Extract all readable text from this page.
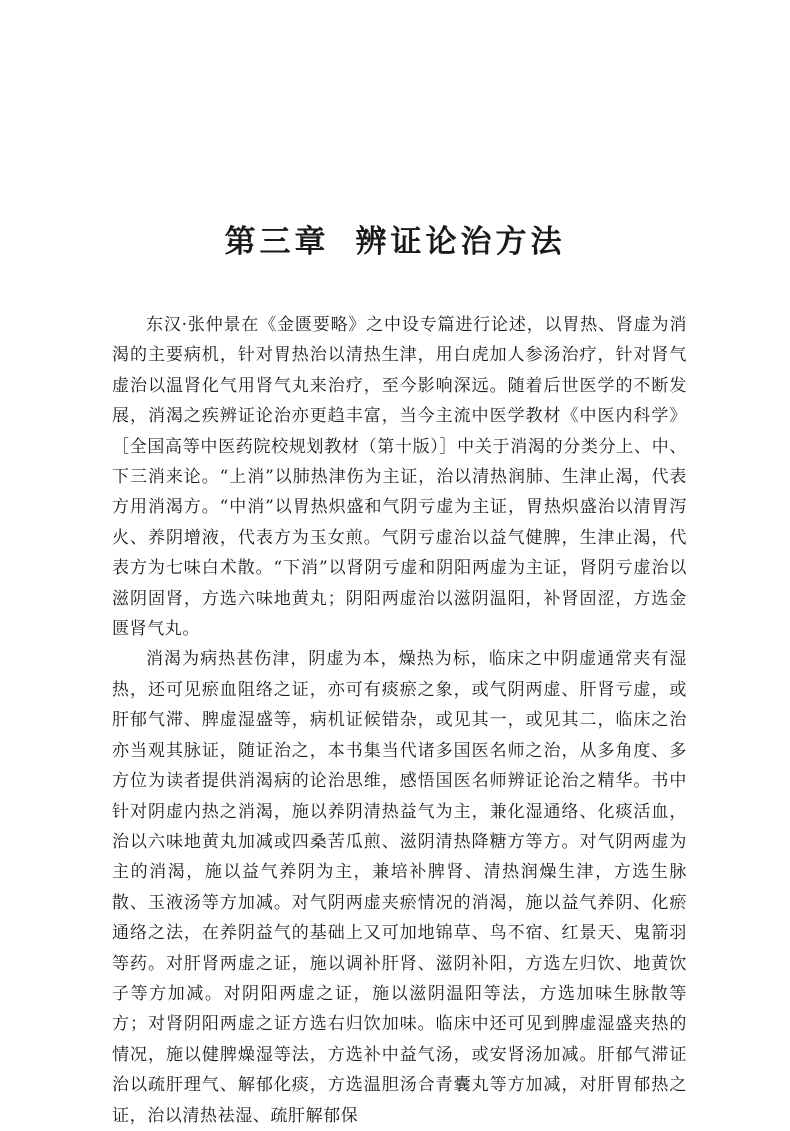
第三章 辨证论治方法

东汉·张仲景在《金匮要略》之中设专篇进行论述，以胃热、肾虚为消渴的主要病机，针对胃热治以清热生津，用白虎加人参汤治疗，针对肾气虚治以温肾化气用肾气丸来治疗，至今影响深远。随着后世医学的不断发展，消渴之疾辨证论治亦更趋丰富，当今主流中医学教材《中医内科学》［全国高等中医药院校规划教材（第十版）］中关于消渴的分类分上、中、下三消来论。“上消”以肺热津伤为主证，治以清热润肺、生津止渴，代表方用消渴方。“中消”以胃热炽盛和气阴亏虚为主证，胃热炽盛治以清胃泻火、养阴增液，代表方为玉女煎。气阴亏虚治以益气健脾，生津止渴，代表方为七味白术散。“下消”以肾阴亏虚和阴阳两虚为主证，肾阴亏虚治以滋阴固肾，方选六味地黄丸；阴阳两虚治以滋阴温阳，补肾固涩，方选金匮肾气丸。

消渴为病热甚伤津，阴虚为本，燥热为标，临床之中阴虚通常夹有湿热，还可见瘀血阻络之证，亦可有痰瘀之象，或气阴两虚、肝肾亏虚，或肝郁气滞、脾虚湿盛等，病机证候错杂，或见其一，或见其二，临床之治亦当观其脉证，随证治之，本书集当代诸多国医名师之治，从多角度、多方位为读者提供消渴病的论治思维，感悟国医名师辨证论治之精华。书中针对阴虚内热之消渴，施以养阴清热益气为主，兼化湿通络、化痰活血，治以六味地黄丸加减或四桑苦瓜煎、滋阴清热降糖方等方。对气阴两虚为主的消渴，施以益气养阴为主，兼培补脾肾、清热润燥生津，方选生脉散、玉液汤等方加减。对气阴两虚夹瘀情况的消渴，施以益气养阴、化瘀通络之法，在养阴益气的基础上又可加地锦草、鸟不宿、红景天、鬼箭羽等药。对肝肾两虚之证，施以调补肝肾、滋阴补阳，方选左归饮、地黄饮子等方加减。对阴阳两虚之证，施以滋阴温阳等法，方选加味生脉散等方；对肾阴阳两虚之证方选右归饮加味。临床中还可见到脾虚湿盛夹热的情况，施以健脾燥湿等法，方选补中益气汤，或安肾汤加减。肝郁气滞证治以疏肝理气、解郁化痰，方选温胆汤合青囊丸等方加减，对肝胃郁热之证，治以清热祛湿、疏肝解郁保
